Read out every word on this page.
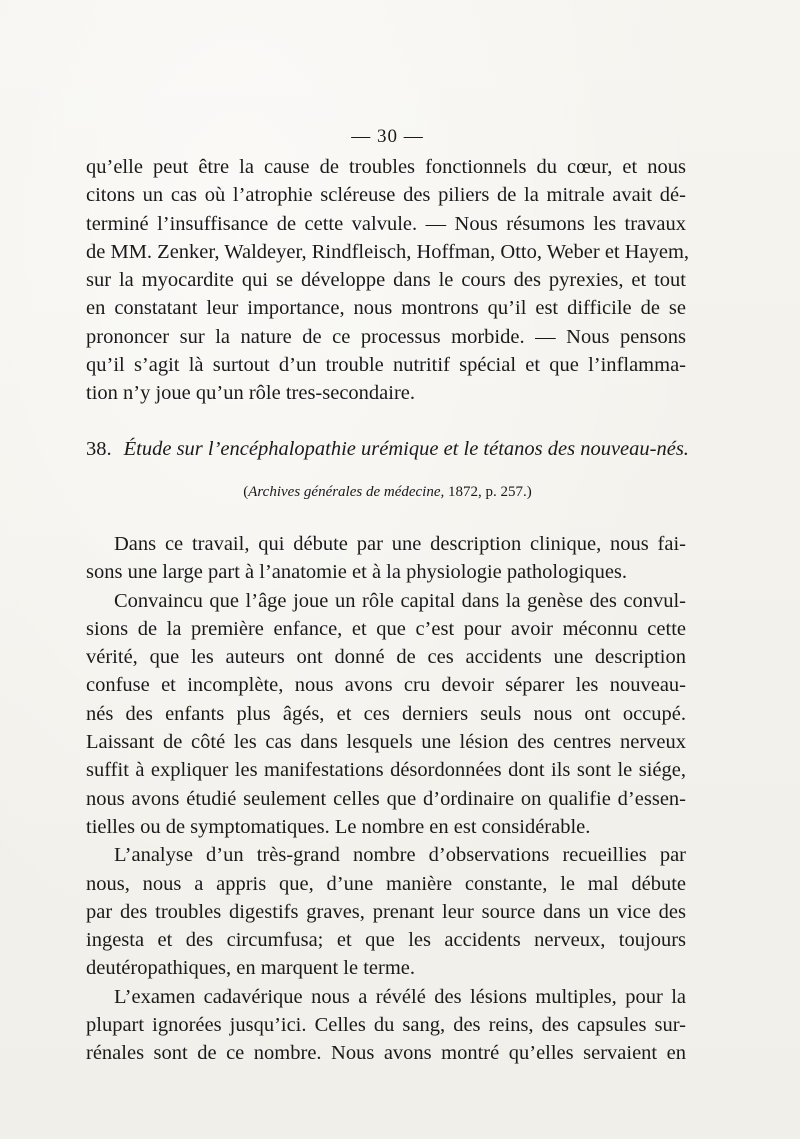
— 30 —
qu’elle peut être la cause de troubles fonctionnels du cœur, et nous
citons un cas où l’atrophie scléreuse des piliers de la mitrale avait dé-
terminé l’insuffisance de cette valvule. — Nous résumons les travaux
de MM. Zenker, Waldeyer, Rindfleisch, Hoffman, Otto, Weber et Hayem,
sur la myocardite qui se développe dans le cours des pyrexies, et tout
en constatant leur importance, nous montrons qu’il est difficile de se
prononcer sur la nature de ce processus morbide. — Nous pensons
qu’il s’agit là surtout d’un trouble nutritif spécial et que l’inflamma-
tion n’y joue qu’un rôle tres-secondaire.
38. Étude sur l’encéphalopathie urémique et le tétanos des nouveau-nés.
(Archives générales de médecine, 1872, p. 257.)
Dans ce travail, qui débute par une description clinique, nous fai-
sons une large part à l’anatomie et à la physiologie pathologiques.
Convaincu que l’âge joue un rôle capital dans la genèse des convul-
sions de la première enfance, et que c’est pour avoir méconnu cette
vérité, que les auteurs ont donné de ces accidents une description
confuse et incomplète, nous avons cru devoir séparer les nouveau-
nés des enfants plus âgés, et ces derniers seuls nous ont occupé.
Laissant de côté les cas dans lesquels une lésion des centres nerveux
suffit à expliquer les manifestations désordonnées dont ils sont le siége,
nous avons étudié seulement celles que d’ordinaire on qualifie d’essen-
tielles ou de symptomatiques. Le nombre en est considérable.
L’analyse d’un très-grand nombre d’observations recueillies par
nous, nous a appris que, d’une manière constante, le mal débute
par des troubles digestifs graves, prenant leur source dans un vice des
ingesta et des circumfusa; et que les accidents nerveux, toujours
deutéropathiques, en marquent le terme.
L’examen cadavérique nous a révélé des lésions multiples, pour la
plupart ignorées jusqu’ici. Celles du sang, des reins, des capsules sur-
rénales sont de ce nombre. Nous avons montré qu’elles servaient en
